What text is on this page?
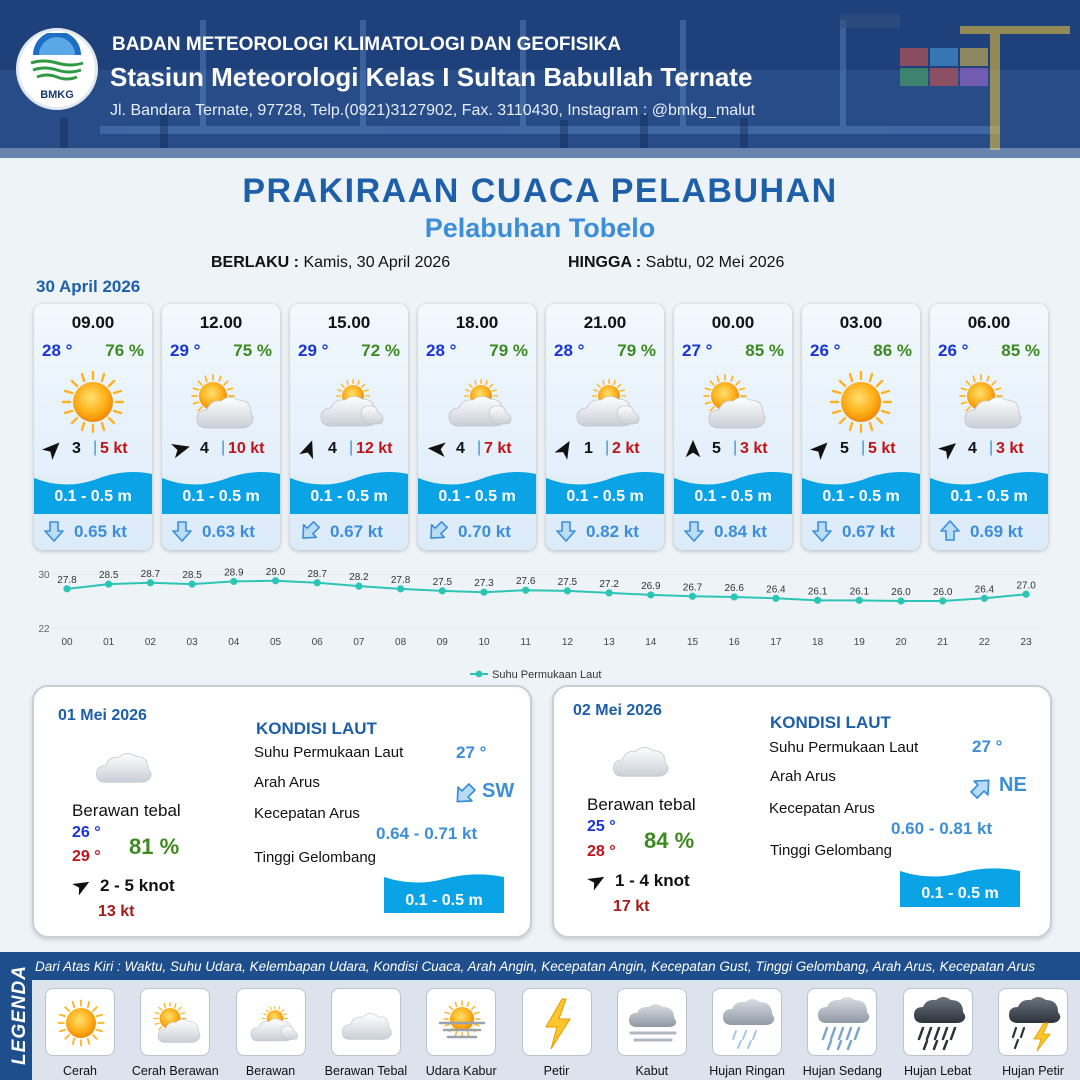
BMKG
BADAN METEOROLOGI KLIMATOLOGI DAN GEOFISIKA
Stasiun Meteorologi Kelas I Sultan Babullah Ternate
Jl. Bandara Ternate, 97728, Telp.(0921)3127902, Fax. 3110430, Instagram : @bmkg_malut
PRAKIRAAN CUACA PELABUHAN
Pelabuhan Tobelo
BERLAKU : Kamis, 30 April 2026	HINGGA : Sabtu, 02 Mei 2026
30 April 2026
09.00
28 ° 76 %
3 | 5 kt
0.1 - 0.5 m
0.65 kt
12.00
29 ° 75 %
4 | 10 kt
0.1 - 0.5 m
0.63 kt
15.00
29 ° 72 %
4 | 12 kt
0.1 - 0.5 m
0.67 kt
18.00
28 ° 79 %
4 | 7 kt
0.1 - 0.5 m
0.70 kt
21.00
28 ° 79 %
1 | 2 kt
0.1 - 0.5 m
0.82 kt
00.00
27 ° 85 %
5 | 3 kt
0.1 - 0.5 m
0.84 kt
03.00
26 ° 86 %
5 | 5 kt
0.1 - 0.5 m
0.67 kt
06.00
26 ° 85 %
4 | 3 kt
0.1 - 0.5 m
0.69 kt
30
22
27.8
00
28.5
01
28.7
02
28.5
03
28.9
04
29.0
05
28.7
06
28.2
07
27.8
08
27.5
09
27.3
10
27.6
11
27.5
12
27.2
13
26.9
14
26.7
15
26.6
16
26.4
17
26.1
18
26.1
19
26.0
20
26.0
21
26.4
22
27.0
23
Suhu Permukaan Laut
01 Mei 2026
Berawan tebal
26 °
29 ° 81 %
2 - 5 knot
13 kt
KONDISI LAUT
Suhu Permukaan Laut	27 °
Arah Arus	SW
Kecepatan Arus
0.64 - 0.71 kt
Tinggi Gelombang
0.1 - 0.5 m
02 Mei 2026
Berawan tebal
25 °
28 ° 84 %
1 - 4 knot
17 kt
KONDISI LAUT
Suhu Permukaan Laut	27 °
Arah Arus	NE
Kecepatan Arus
0.60 - 0.81 kt
Tinggi Gelombang
0.1 - 0.5 m
LEGENDA Dari Atas Kiri : Waktu, Suhu Udara, Kelembapan Udara, Kondisi Cuaca, Arah Angin, Kecepatan Angin, Kecepatan Gust, Tinggi Gelombang, Arah Arus, Kecepatan Arus
Cerah	Cerah Berawan	Berawan	Berawan Tebal	Udara Kabur	Petir	Kabut	Hujan Ringan	Hujan Sedang	Hujan Lebat	Hujan Petir
